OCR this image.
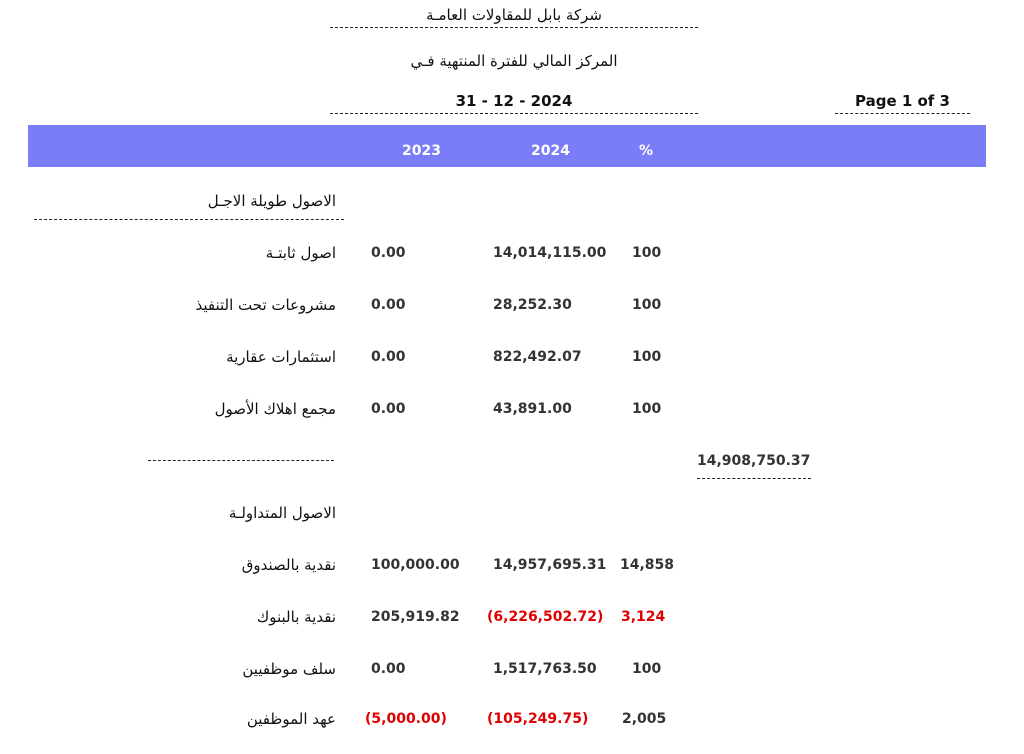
شركة بابل للمقاولات العامـة
المركز المالي للفترة المنتهية فـي
31 - 12 - 2024	Page 1 of 3
2023	2024	%
الاصول طويلة الاجـل
اصول ثابتـة	0.00	14,014,115.00 100
مشروعات تحت التنفيذ	0.00	28,252.30	100
استثمارات عقارية	0.00	822,492.07	100
مجمع اهلاك الأصول	0.00	43,891.00	100
14,908,750.37
الاصول المتداولـة
نقدية بالصندوق	100,000.00 14,957,695.31 14,858
نقدية بالبنوك	205,919.82 (6,226,502.72) 3,124
سلف موظفيين	0.00	1,517,763.50	100
عهد الموظفين (5,000.00)	(105,249.75) 2,005
